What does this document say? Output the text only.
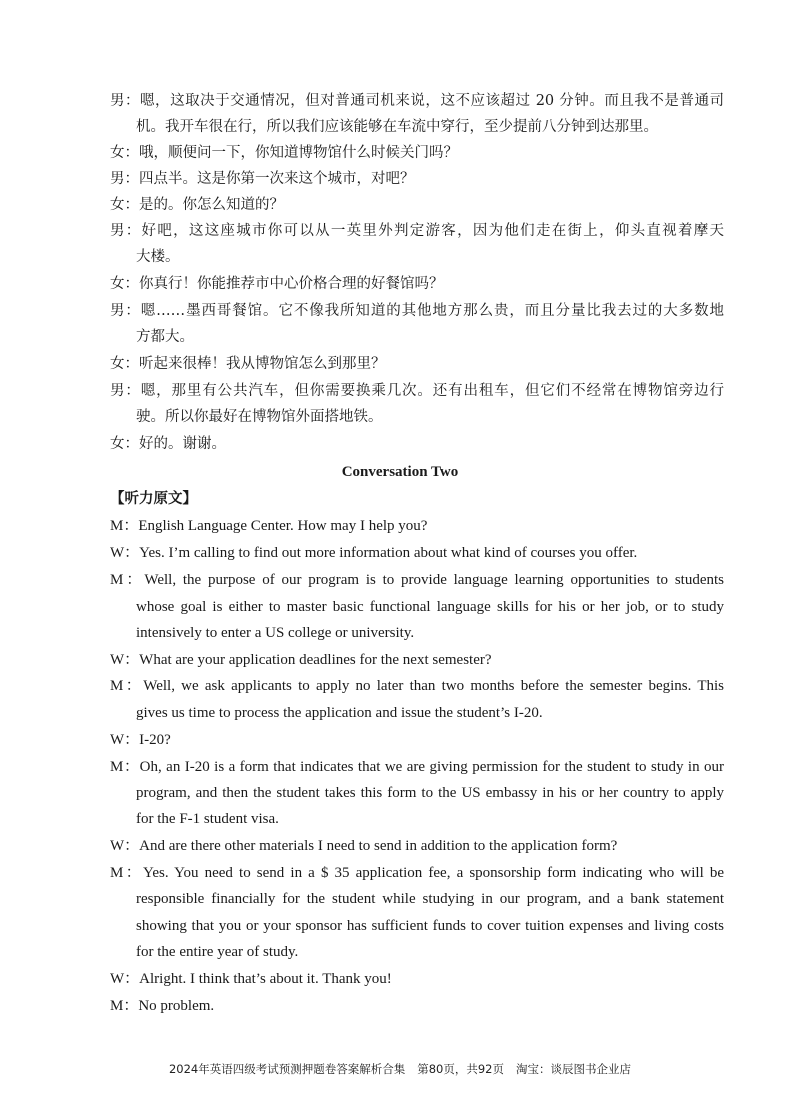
男：嗯，这取决于交通情况，但对普通司机来说，这不应该超过 20 分钟。而且我不是普通司
机。我开车很在行，所以我们应该能够在车流中穿行，至少提前八分钟到达那里。
女：哦，顺便问一下，你知道博物馆什么时候关门吗？
男：四点半。这是你第一次来这个城市，对吧？
女：是的。你怎么知道的？
男：好吧，这这座城市你可以从一英里外判定游客，因为他们走在街上，仰头直视着摩天
大楼。
女：你真行！你能推荐市中心价格合理的好餐馆吗？
男：嗯……墨西哥餐馆。它不像我所知道的其他地方那么贵，而且分量比我去过的大多数地
方都大。
女：听起来很棒！我从博物馆怎么到那里？
男：嗯，那里有公共汽车，但你需要换乘几次。还有出租车，但它们不经常在博物馆旁边行
驶。所以你最好在博物馆外面搭地铁。
女：好的。谢谢。
Conversation Two
【听力原文】
M：English Language Center. How may I help you?
W：Yes. I’m calling to find out more information about what kind of courses you offer.
M：Well, the purpose of our program is to provide language learning opportunities to students
whose goal is either to master basic functional language skills for his or her job, or to study
intensively to enter a US college or university.
W：What are your application deadlines for the next semester?
M：Well, we ask applicants to apply no later than two months before the semester begins. This
gives us time to process the application and issue the student’s I-20.
W：I-20?
M：Oh, an I-20 is a form that indicates that we are giving permission for the student to study in our
program, and then the student takes this form to the US embassy in his or her country to apply
for the F-1 student visa.
W：And are there other materials I need to send in addition to the application form?
M：Yes. You need to send in a $ 35 application fee, a sponsorship form indicating who will be
responsible financially for the student while studying in our program, and a bank statement
showing that you or your sponsor has sufficient funds to cover tuition expenses and living costs
for the entire year of study.
W：Alright. I think that’s about it. Thank you!
M：No problem.
2024年英语四级考试预测押题卷答案解析合集 第80页，共92页 淘宝：谈辰图书企业店
